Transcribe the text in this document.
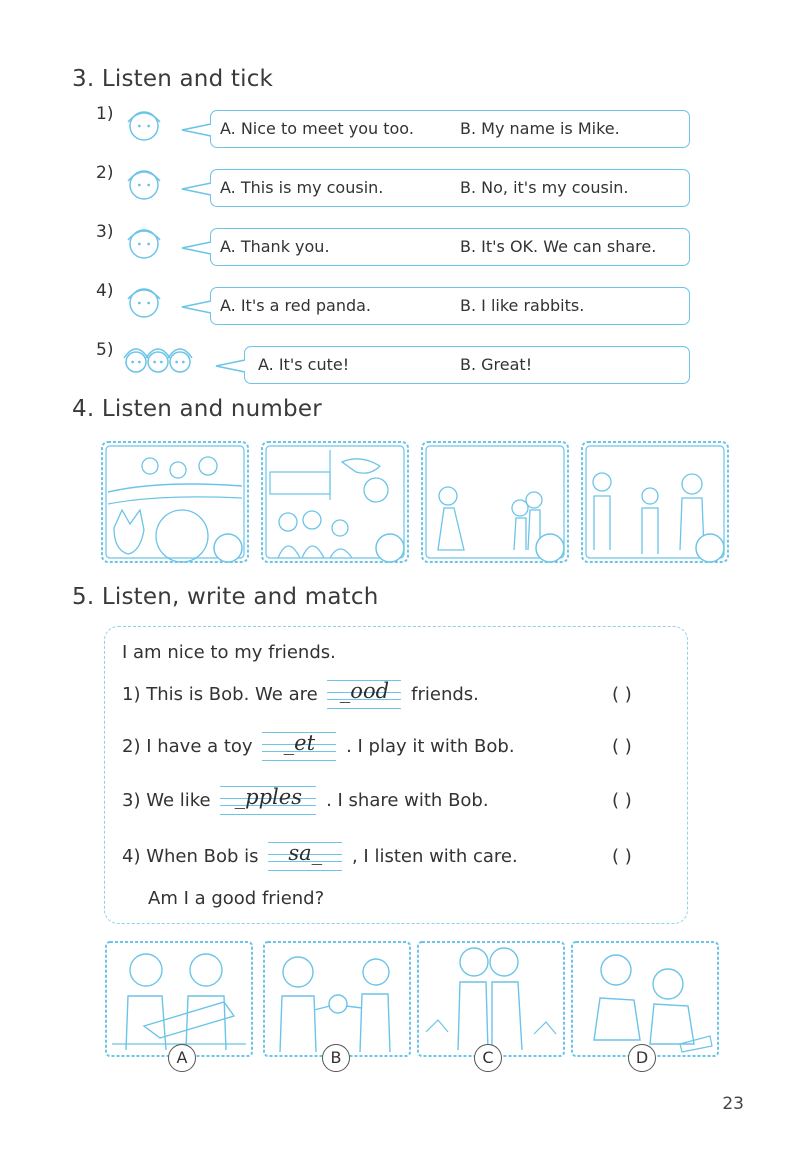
3. Listen and tick
1)
A. Nice to meet you too.	B. My name is Mike.
2)
A. This is my cousin.	B. No, it's my cousin.
3)
A. Thank you.	B. It's OK. We can share.
4)
A. It's a red panda.	B. I like rabbits.
5)
A. It's cute!	B. Great!
4. Listen and number
5. Listen, write and match
I am nice to my friends.
1) This is Bob. We are	_ood	friends.
2) I have a toy	_et	. I play it with Bob.
3) We like	_pples	. I share with Bob.
4) When Bob is	sa_	, I listen with care.
Am I a good friend?
( )
( )
( )
( )
A	B	C	D
23
